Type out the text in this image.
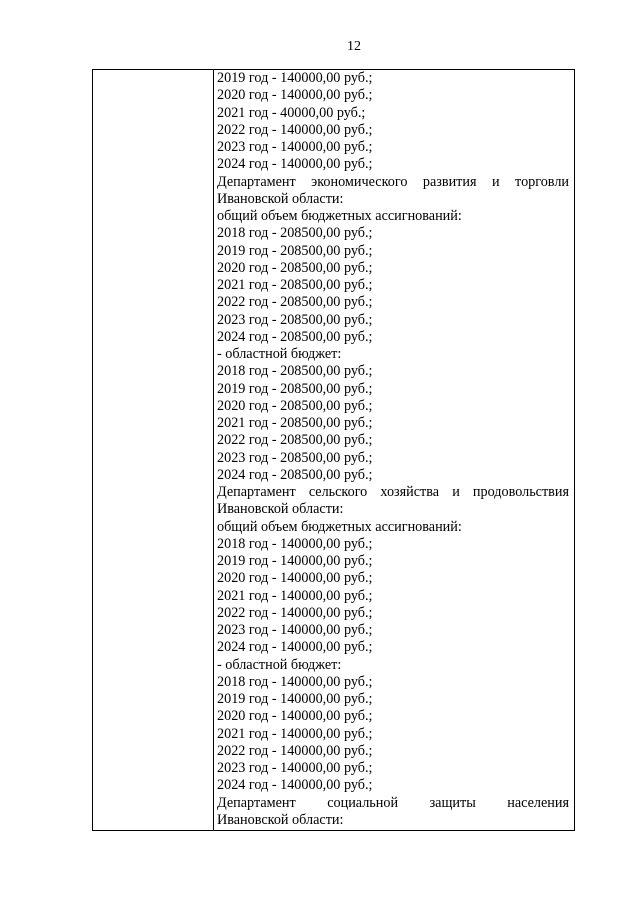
12
2019 год - 140000,00 руб.;
2020 год - 140000,00 руб.;
2021 год - 40000,00 руб.;
2022 год - 140000,00 руб.;
2023 год - 140000,00 руб.;
2024 год - 140000,00 руб.;
Департамент экономического развития и торговли
Ивановской области:
общий объем бюджетных ассигнований:
2018 год - 208500,00 руб.;
2019 год - 208500,00 руб.;
2020 год - 208500,00 руб.;
2021 год - 208500,00 руб.;
2022 год - 208500,00 руб.;
2023 год - 208500,00 руб.;
2024 год - 208500,00 руб.;
- областной бюджет:
2018 год - 208500,00 руб.;
2019 год - 208500,00 руб.;
2020 год - 208500,00 руб.;
2021 год - 208500,00 руб.;
2022 год - 208500,00 руб.;
2023 год - 208500,00 руб.;
2024 год - 208500,00 руб.;
Департамент сельского хозяйства и продовольствия
Ивановской области:
общий объем бюджетных ассигнований:
2018 год - 140000,00 руб.;
2019 год - 140000,00 руб.;
2020 год - 140000,00 руб.;
2021 год - 140000,00 руб.;
2022 год - 140000,00 руб.;
2023 год - 140000,00 руб.;
2024 год - 140000,00 руб.;
- областной бюджет:
2018 год - 140000,00 руб.;
2019 год - 140000,00 руб.;
2020 год - 140000,00 руб.;
2021 год - 140000,00 руб.;
2022 год - 140000,00 руб.;
2023 год - 140000,00 руб.;
2024 год - 140000,00 руб.;
Департамент социальной защиты населения
Ивановской области:
